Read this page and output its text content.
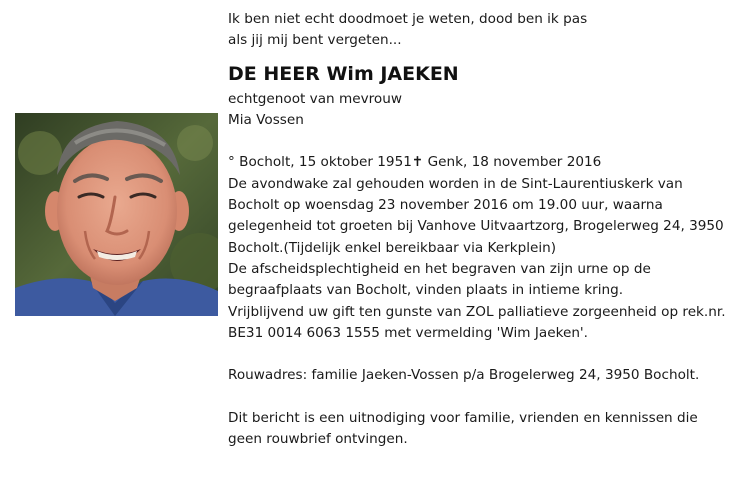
Ik ben niet echt doodmoet je weten, dood ben ik pas
als jij mij bent vergeten...
DE HEER Wim JAEKEN
echtgenoot van mevrouw
Mia Vossen
° Bocholt, 15 oktober 1951✝ Genk, 18 november 2016
De avondwake zal gehouden worden in de Sint-Laurentiuskerk van
Bocholt op woensdag 23 november 2016 om 19.00 uur, waarna
gelegenheid tot groeten bij Vanhove Uitvaartzorg, Brogelerweg 24, 3950
Bocholt.(Tijdelijk enkel bereikbaar via Kerkplein)
De afscheidsplechtigheid en het begraven van zijn urne op de
begraafplaats van Bocholt, vinden plaats in intieme kring.
Vrijblijvend uw gift ten gunste van ZOL palliatieve zorgeenheid op rek.nr.
BE31 0014 6063 1555 met vermelding 'Wim Jaeken'.
Rouwadres: familie Jaeken-Vossen p/a Brogelerweg 24, 3950 Bocholt.
Dit bericht is een uitnodiging voor familie, vrienden en kennissen die
geen rouwbrief ontvingen.
